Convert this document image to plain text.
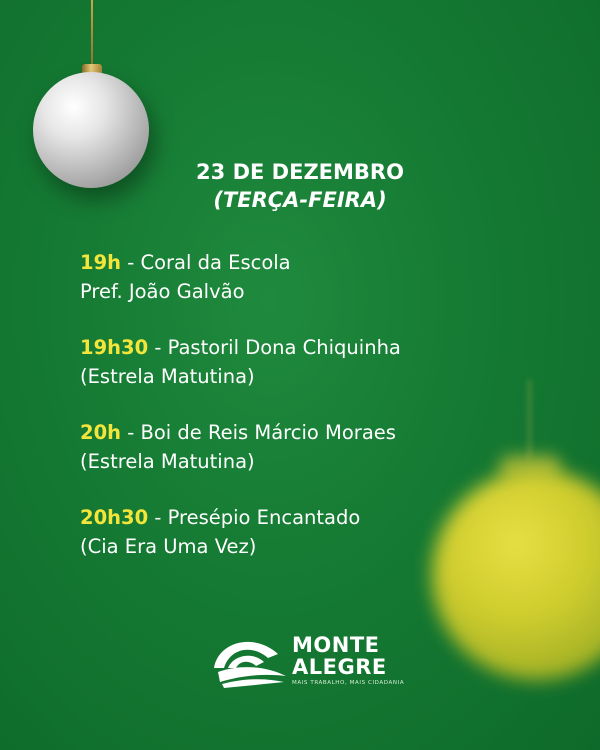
23 DE DEZEMBRO
(TERÇA-FEIRA)
19h - Coral da Escola
Pref. João Galvão
19h30 - Pastoril Dona Chiquinha
(Estrela Matutina)
20h - Boi de Reis Márcio Moraes
(Estrela Matutina)
20h30 - Presépio Encantado
(Cia Era Uma Vez)
MONTE
ALEGRE
MAIS TRABALHO, MAIS CIDADANIA
